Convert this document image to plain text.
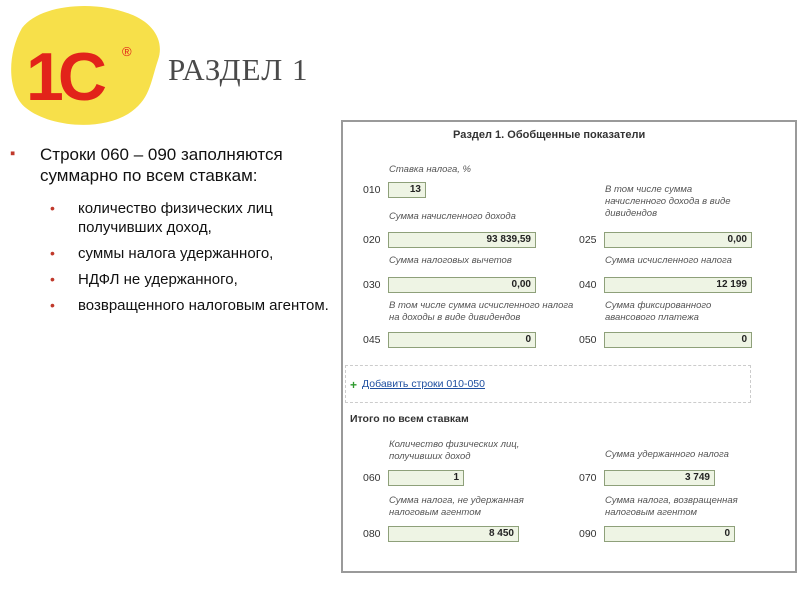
1С	®
РАЗДЕЛ 1
▪ Строки 060 – 090 заполняются суммарно по всем ставкам:
• количество физических лиц получивших доход,
• суммы налога удержанного,
• НДФЛ не удержанного,
• возвращенного налоговым агентом.
Раздел 1. Обобщенные показатели
Ставка налога, %
010	13	В том числе сумма начисленного дохода в виде дивидендов
Сумма начисленного дохода
020	93 839,59	025	0,00
Сумма налоговых вычетов	Сумма исчисленного налога
030	0,00	040	12 199
В том числе сумма исчисленного налога на доходы в виде дивидендов
Сумма фиксированного авансового платежа
045	0	050	0
+ Добавить строки 010-050
Итого по всем ставкам
Количество физических лиц, получивших доход	Сумма удержанного налога
060	1	070	3 749
Сумма налога, не удержанная налоговым агентом
Сумма налога, возвращенная налоговым агентом
080	8 450	090	0
